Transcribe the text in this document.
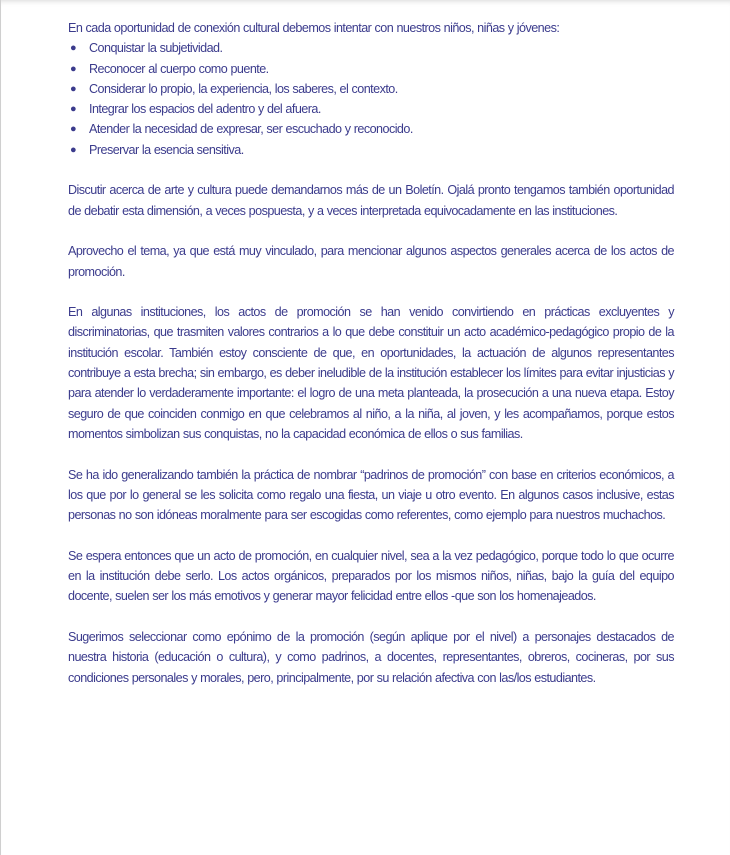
En cada oportunidad de conexión cultural debemos intentar con nuestros niños, niñas y jóvenes:

● Conquistar la subjetividad.
● Reconocer al cuerpo como puente.
● Considerar lo propio, la experiencia, los saberes, el contexto.
● Integrar los espacios del adentro y del afuera.
● Atender la necesidad de expresar, ser escuchado y reconocido.
● Preservar la esencia sensitiva.

Discutir acerca de arte y cultura puede demandarnos más de un Boletín. Ojalá pronto tengamos también oportunidad de debatir esta dimensión, a veces pospuesta, y a veces interpretada equivocadamente en las instituciones.

Aprovecho el tema, ya que está muy vinculado, para mencionar algunos aspectos generales acerca de los actos de promoción.

En algunas instituciones, los actos de promoción se han venido convirtiendo en prácticas excluyentes y discriminatorias, que trasmiten valores contrarios a lo que debe constituir un acto académico-pedagógico propio de la institución escolar. También estoy consciente de que, en oportunidades, la actuación de algunos representantes contribuye a esta brecha; sin embargo, es deber ineludible de la institución establecer los límites para evitar injusticias y para atender lo verdaderamente importante: el logro de una meta planteada, la prosecución a una nueva etapa. Estoy seguro de que coinciden conmigo en que celebramos al niño, a la niña, al joven, y les acompañamos, porque estos momentos simbolizan sus conquistas, no la capacidad económica de ellos o sus familias.

Se ha ido generalizando también la práctica de nombrar “padrinos de promoción” con base en criterios económicos, a los que por lo general se les solicita como regalo una fiesta, un viaje u otro evento. En algunos casos inclusive, estas personas no son idóneas moralmente para ser escogidas como referentes, como ejemplo para nuestros muchachos.

Se espera entonces que un acto de promoción, en cualquier nivel, sea a la vez pedagógico, porque todo lo que ocurre en la institución debe serlo. Los actos orgánicos, preparados por los mismos niños, niñas, bajo la guía del equipo docente, suelen ser los más emotivos y generar mayor felicidad entre ellos -que son los homenajeados.

Sugerimos seleccionar como epónimo de la promoción (según aplique por el nivel) a personajes destacados de nuestra historia (educación o cultura), y como padrinos, a docentes, representantes, obreros, cocineras, por sus condiciones personales y morales, pero, principalmente, por su relación afectiva con las/los estudiantes.
